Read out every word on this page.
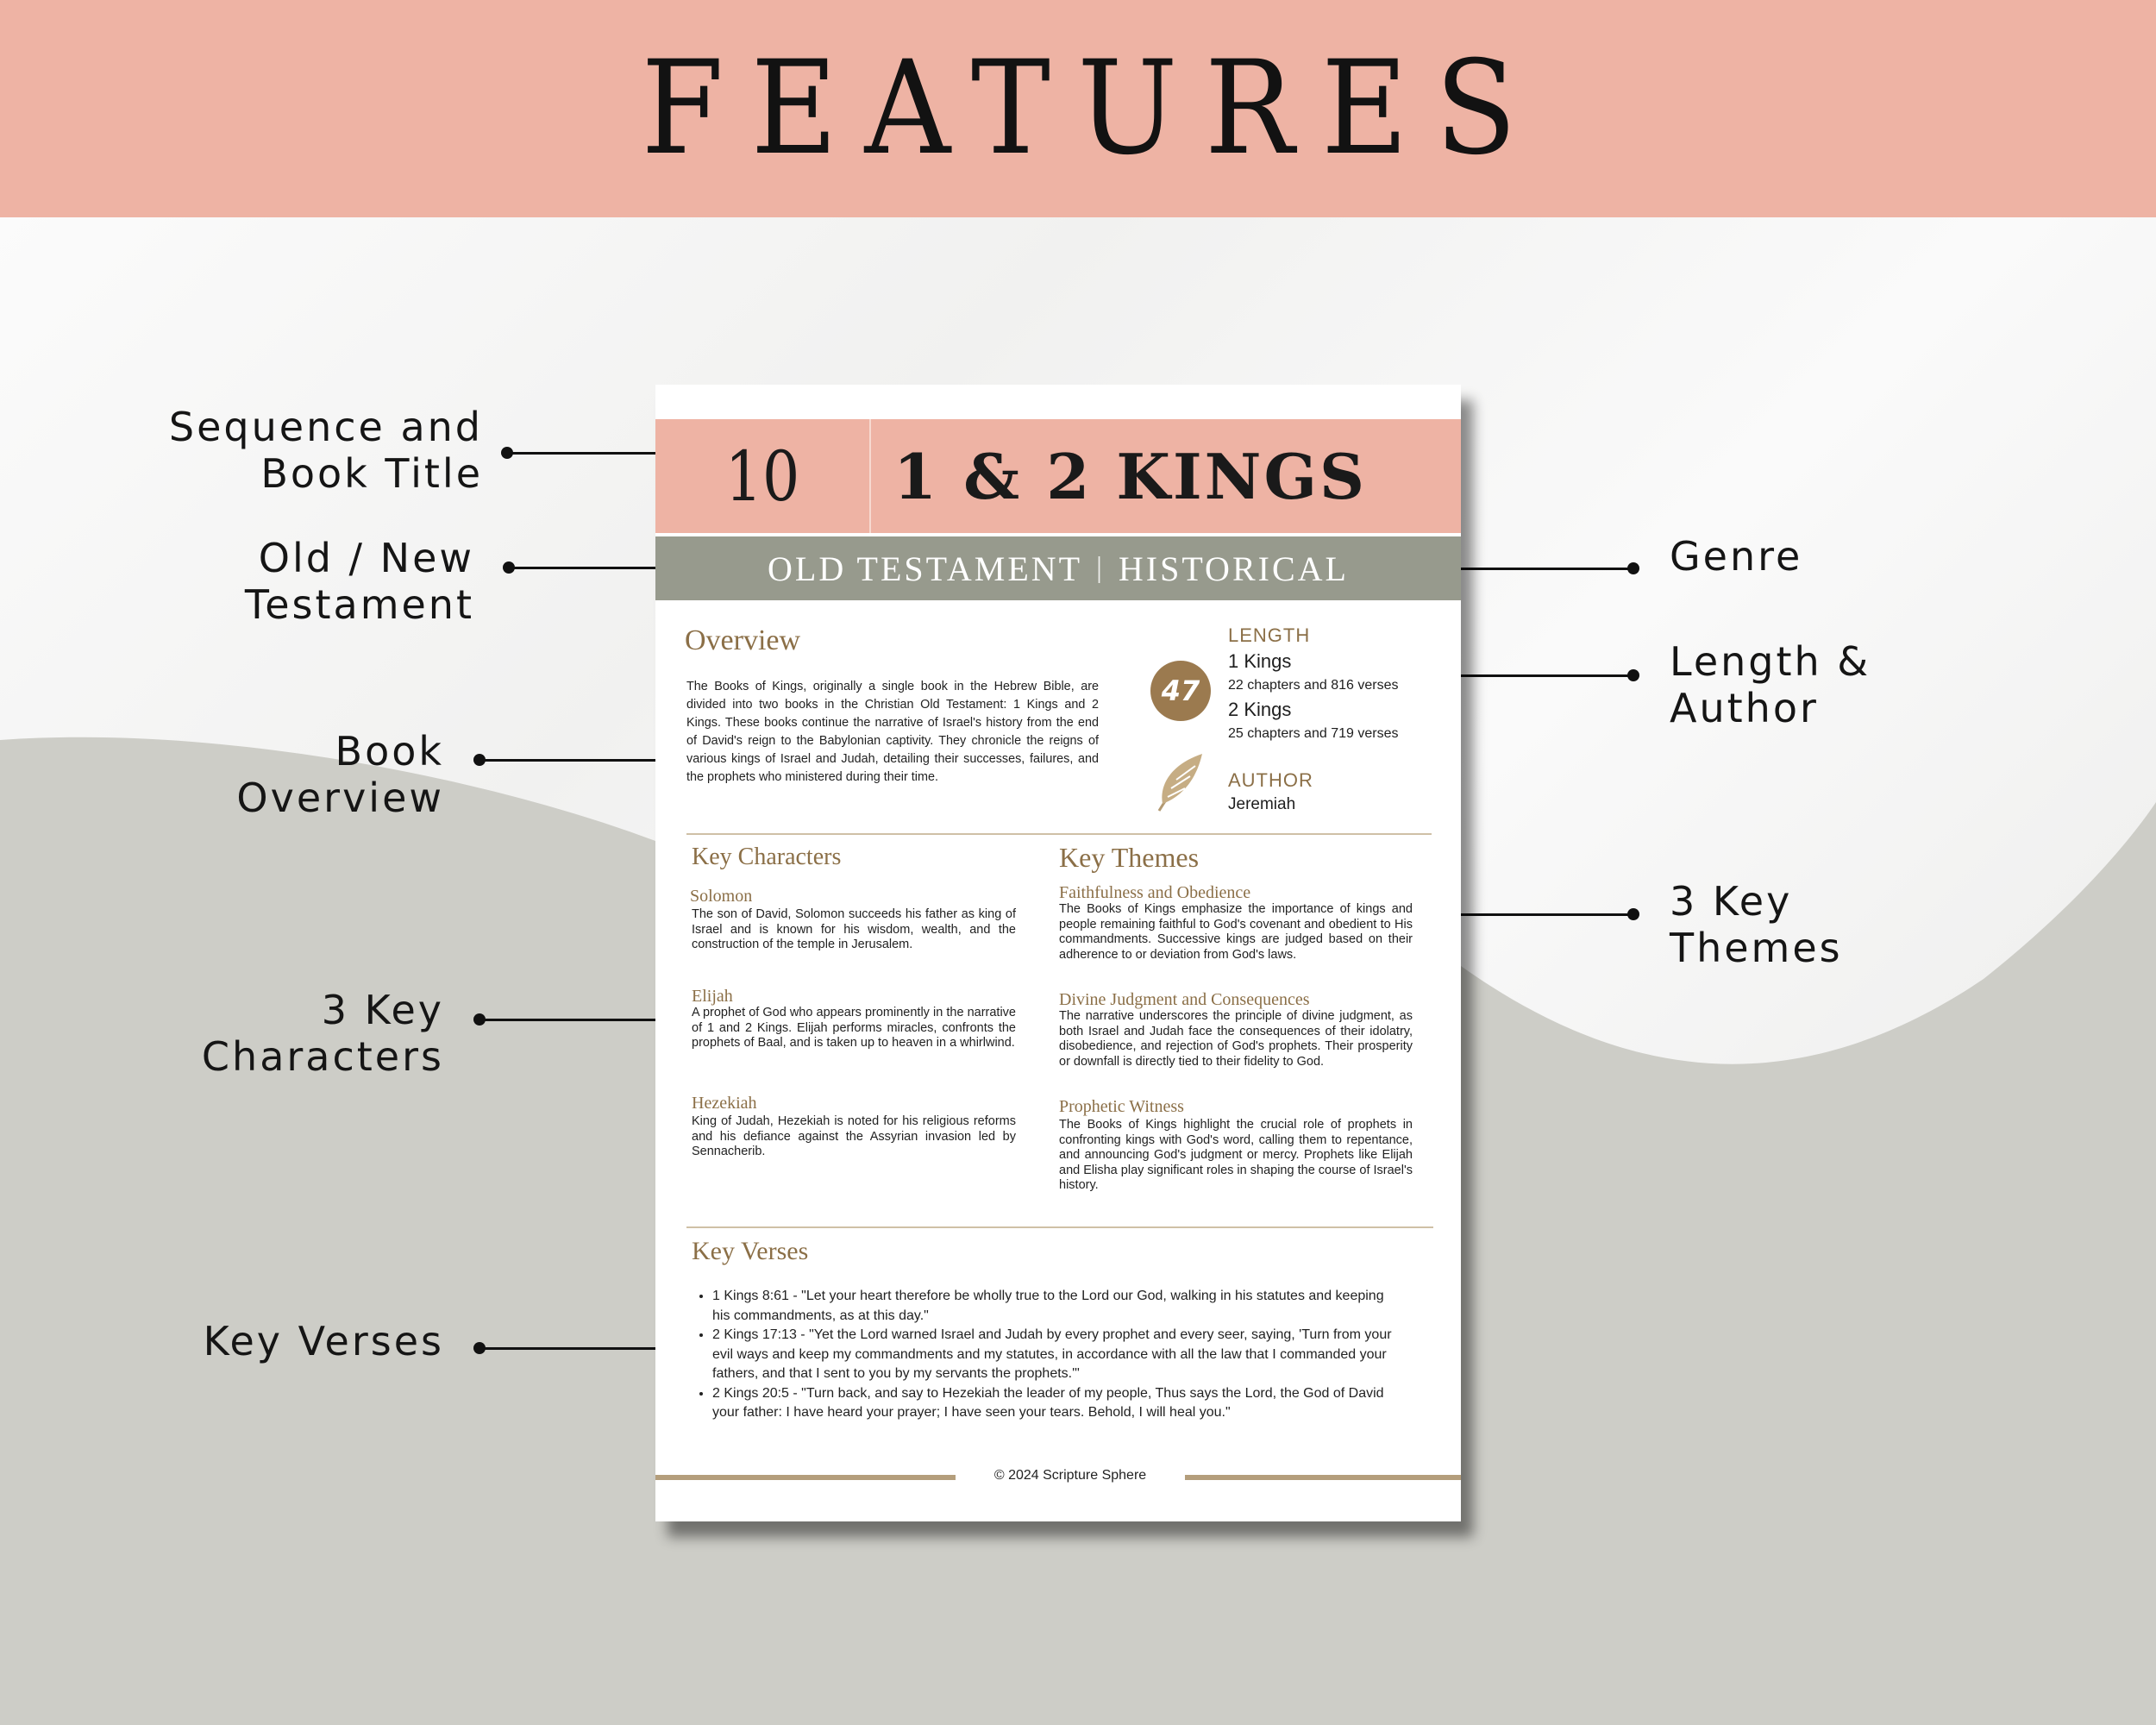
FEATURES
Sequence and
Book Title
Old / New
Testament
Book
Overview
3 Key
Characters
Key Verses
Genre
Length &
Author
3 Key
Themes
10	1 & 2 KINGS
OLD TESTAMENT | HISTORICAL
Overview
The Books of Kings, originally a single book in the Hebrew Bible, are divided into two books in the Christian Old Testament: 1 Kings and 2 Kings. These books continue the narrative of Israel's history from the end of David's reign to the Babylonian captivity. They chronicle the reigns of various kings of Israel and Judah, detailing their successes, failures, and the prophets who ministered during their time.
LENGTH
47
1 Kings
22 chapters and 816 verses
2 Kings
25 chapters and 719 verses
AUTHOR
Jeremiah
Key Characters
Solomon
The son of David, Solomon succeeds his father as king of Israel and is known for his wisdom, wealth, and the construction of the temple in Jerusalem.
Elijah
A prophet of God who appears prominently in the narrative of 1 and 2 Kings. Elijah performs miracles, confronts the prophets of Baal, and is taken up to heaven in a whirlwind.
Hezekiah
King of Judah, Hezekiah is noted for his religious reforms and his defiance against the Assyrian invasion led by Sennacherib.
Key Themes
Faithfulness and Obedience
The Books of Kings emphasize the importance of kings and people remaining faithful to God's covenant and obedient to His commandments. Successive kings are judged based on their adherence to or deviation from God's laws.
Divine Judgment and Consequences
The narrative underscores the principle of divine judgment, as both Israel and Judah face the consequences of their idolatry, disobedience, and rejection of God's prophets. Their prosperity or downfall is directly tied to their fidelity to God.
Prophetic Witness
The Books of Kings highlight the crucial role of prophets in confronting kings with God's word, calling them to repentance, and announcing God's judgment or mercy. Prophets like Elijah and Elisha play significant roles in shaping the course of Israel's history.
Key Verses
• 1 Kings 8:61 - "Let your heart therefore be wholly true to the Lord our God, walking in his statutes and keeping his commandments, as at this day."
• 2 Kings 17:13 - "Yet the Lord warned Israel and Judah by every prophet and every seer, saying, 'Turn from your evil ways and keep my commandments and my statutes, in accordance with all the law that I commanded your fathers, and that I sent to you by my servants the prophets.'"
• 2 Kings 20:5 - "Turn back, and say to Hezekiah the leader of my people, Thus says the Lord, the God of David your father: I have heard your prayer; I have seen your tears. Behold, I will heal you."
© 2024 Scripture Sphere
